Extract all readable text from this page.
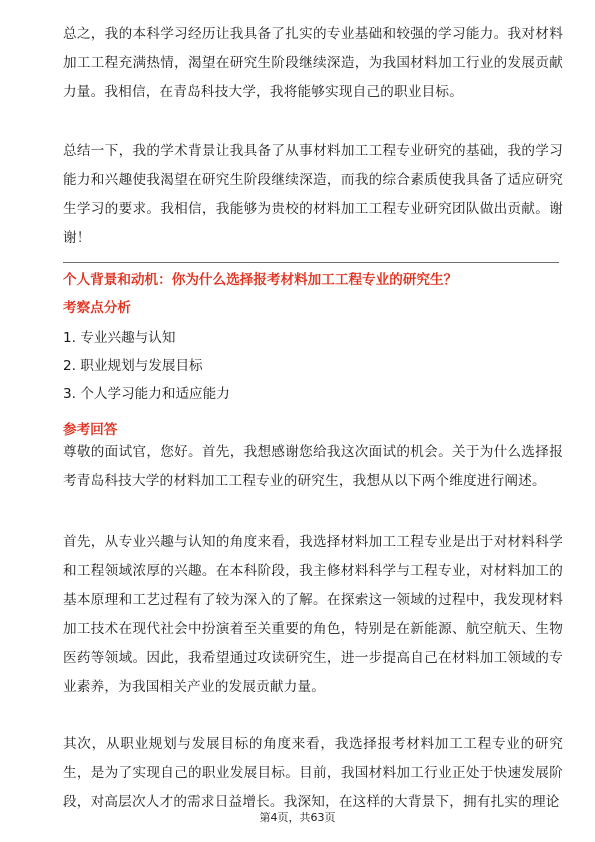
总之，我的本科学习经历让我具备了扎实的专业基础和较强的学习能力。我对材料加工工程充满热情，渴望在研究生阶段继续深造，为我国材料加工行业的发展贡献力量。我相信，在青岛科技大学，我将能够实现自己的职业目标。

总结一下，我的学术背景让我具备了从事材料加工工程专业研究的基础，我的学习能力和兴趣使我渴望在研究生阶段继续深造，而我的综合素质使我具备了适应研究生学习的要求。我相信，我能够为贵校的材料加工工程专业研究团队做出贡献。谢谢！

个人背景和动机：你为什么选择报考材料加工工程专业的研究生？

考察点分析

1. 专业兴趣与认知

2. 职业规划与发展目标

3. 个人学习能力和适应能力

参考回答

尊敬的面试官，您好。首先，我想感谢您给我这次面试的机会。关于为什么选择报考青岛科技大学的材料加工工程专业的研究生，我想从以下两个维度进行阐述。

首先，从专业兴趣与认知的角度来看，我选择材料加工工程专业是出于对材料科学和工程领域浓厚的兴趣。在本科阶段，我主修材料科学与工程专业，对材料加工的基本原理和工艺过程有了较为深入的了解。在探索这一领域的过程中，我发现材料加工技术在现代社会中扮演着至关重要的角色，特别是在新能源、航空航天、生物医药等领域。因此，我希望通过攻读研究生，进一步提高自己在材料加工领域的专业素养，为我国相关产业的发展贡献力量。

其次，从职业规划与发展目标的角度来看，我选择报考材料加工工程专业的研究生，是为了实现自己的职业发展目标。目前，我国材料加工行业正处于快速发展阶段，对高层次人才的需求日益增长。我深知，在这样的大背景下，拥有扎实的理论

第4页，共63页
